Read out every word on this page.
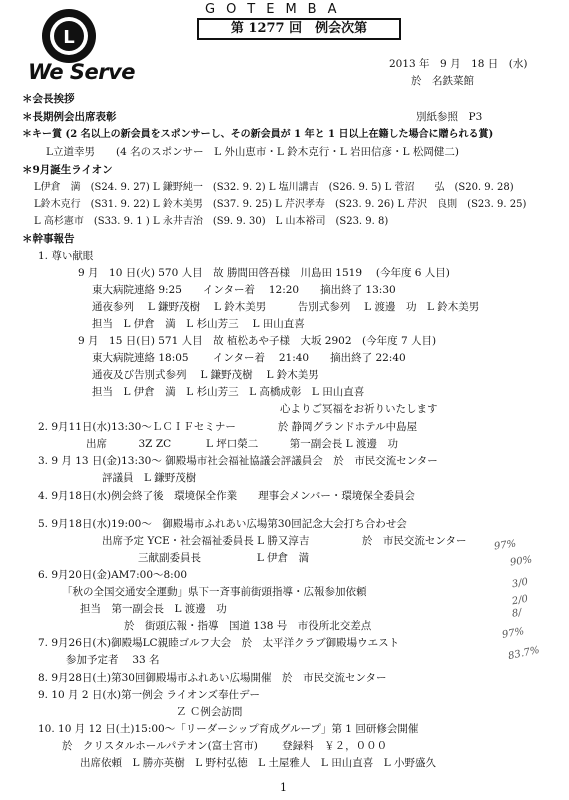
L
We Serve
GOTEMBA
第 1277 回　例会次第
2013 年　9 月　18 日　(水)
於　名鉄菜館
＊会長挨拶
＊長期例会出席表彰	別紙参照　P3
＊キー賞 (2 名以上の新会員をスポンサーし、その新会員が 1 年と 1 日以上在籍した場合に贈られる賞)
L立道幸男　　(4 名のスポンサー　L 外山恵市・L 鈴木克行・L 岩田信彦・L 松岡健二)
＊9月誕生ライオン
L伊倉　満　(S24. 9. 27) L 鎌野純一　(S32. 9. 2) L 塩川講吉　(S26. 9. 5) L 菅沼　　弘　(S20. 9. 28)
L鈴木克行　(S31. 9. 22) L 鈴木美男　(S37. 9. 25) L 芹沢孝寿　(S23. 9. 26) L 芹沢　良則　(S23. 9. 25)
L 高杉憲市　(S33. 9. 1 ) L 永井吉治　(S9. 9. 30)　L 山本裕司　(S23. 9. 8)
＊幹事報告
1. 尊い献眼
9 月　10 日(火) 570 人目　故 勝間田啓吾様　川島田 1519　 (今年度 6 人目)
東大病院連絡 9:25　　インター着　 12:20　　摘出終了 13:30
通夜参列　 L 鎌野茂樹　 L 鈴木美男　　　告別式参列　 L 渡邊　功　L 鈴木美男
担当　L 伊倉　満　L 杉山芳三　 L 田山直喜
9 月　15 日(日) 571 人目　故 植松あや子様　大坂 2902　(今年度 7 人目)
東大病院連絡 18:05　　 インター着　 21:40　　摘出終了 22:40
通夜及び告別式参列　 L 鎌野茂樹　 L 鈴木美男
担当　L 伊倉　満　L 杉山芳三　L 高橋成彰　L 田山直喜
心よりご冥福をお祈りいたします
2. 9月11日(水)13:30～ＬＣＩＦセミナー　　　　於 静岡グランドホテル中島屋
出席　　　3Z ZC　　　 L 坪口榮二　　　第一副会長 L 渡邊　功
3. 9 月 13 日(金)13:30～ 御殿場市社会福祉協議会評議員会　於　市民交流センター
評議員　L 鎌野茂樹
4. 9月18日(水)例会終了後　環境保全作業　　理事会メンバー・環境保全委員会
5. 9月18日(水)19:00～　御殿場市ふれあい広場第30回記念大会打ち合わせ会
出席予定 YCE・社会福祉委員長 L 勝又淳吉　　　　　於　市民交流センター
三献副委員長　　　　　 L 伊倉　満
6. 9月20日(金)AM7:00～8:00
「秋の全国交通安全運動」県下一斉事前街頭指導・広報参加依頼
担当　第一副会長　L 渡邊　功
於　街頭広報・指導　国道 138 号　市役所北交差点
7. 9月26日(木)御殿場LC親睦ゴルフ大会　於　太平洋クラブ御殿場ウエスト
参加予定者　 33 名
8. 9月28日(土)第30回御殿場市ふれあい広場開催　於　市民交流センター
9. 10 月 2 日(水)第一例会 ライオンズ奉仕デー
Ｚ Ｃ例会訪問
10. 10 月 12 日(土)15:00～「リーダーシップ育成グループ」第 1 回研修会開催
於　クリスタルホールパテオン(富士宮市)　　 登録料　￥２，０００
出席依頼　L 勝亦英樹　L 野村弘徳　L 土屋雅人　L 田山直喜　L 小野盛久
97%
90%
3/0
2/0
8/
97%
83.7%
1
